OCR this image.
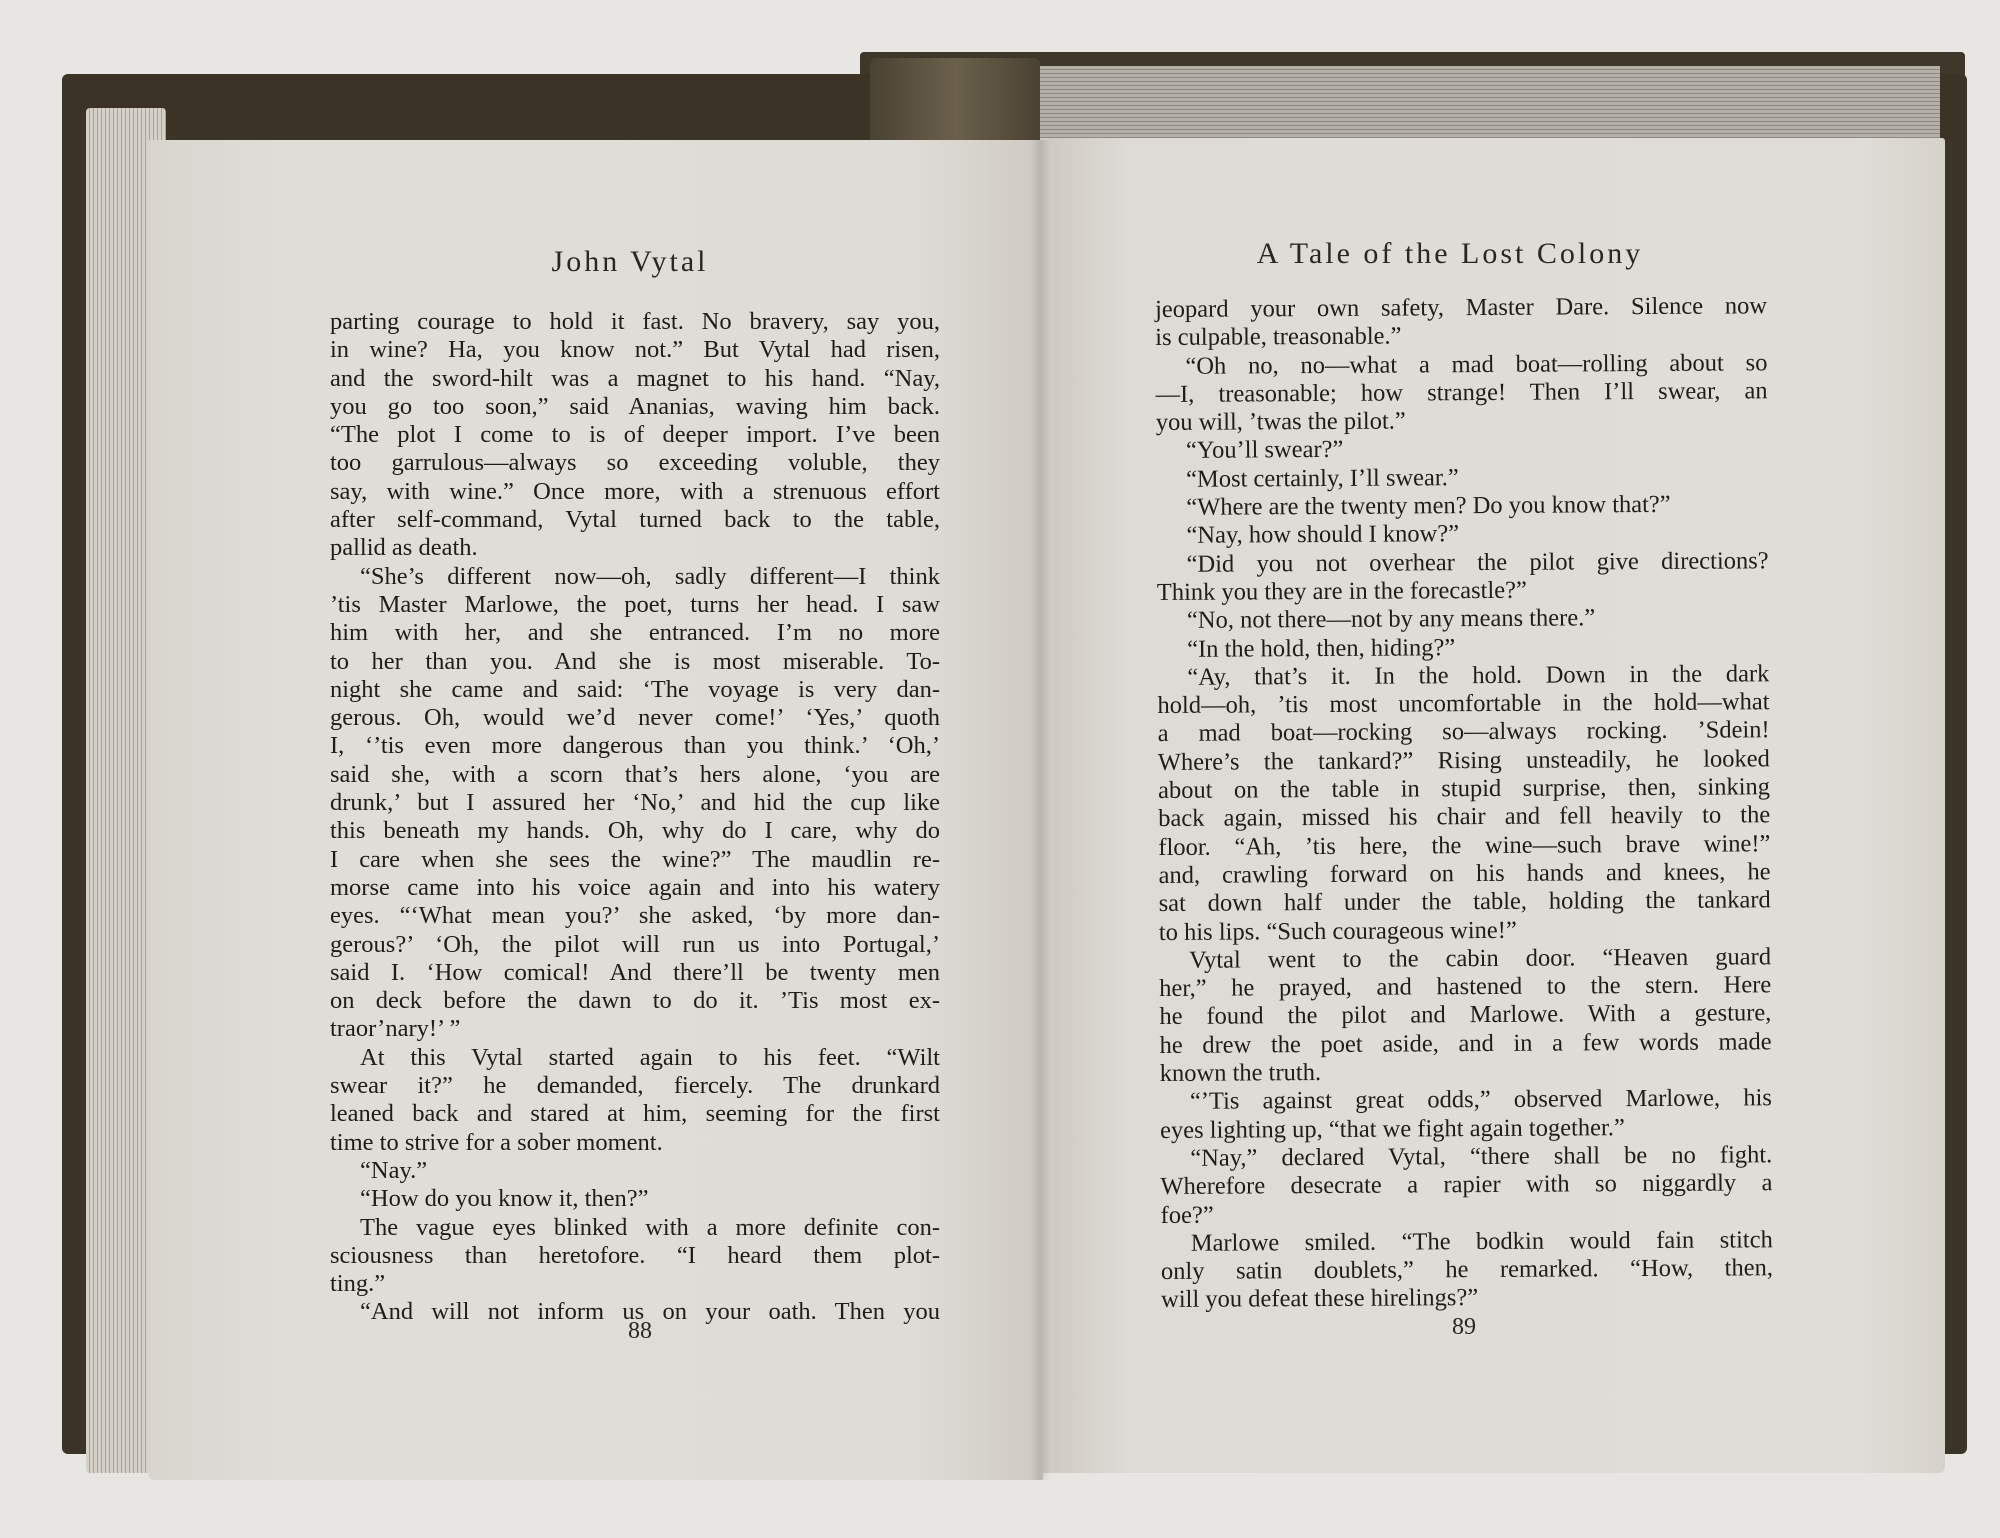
John Vytal	A Tale of the Lost Colony
parting courage to hold it fast. No bravery, say you,
in wine? Ha, you know not.” But Vytal had risen,
and the sword-hilt was a magnet to his hand. “Nay,
you go too soon,” said Ananias, waving him back.
“The plot I come to is of deeper import. I’ve been
too garrulous—always so exceeding voluble, they
say, with wine.” Once more, with a strenuous effort
after self-command, Vytal turned back to the table,
pallid as death.
“She’s different now—oh, sadly different—I think
’tis Master Marlowe, the poet, turns her head. I saw
him with her, and she entranced. I’m no more
to her than you. And she is most miserable. To-
night she came and said: ‘The voyage is very dan-
gerous. Oh, would we’d never come!’ ‘Yes,’ quoth
I, ‘’tis even more dangerous than you think.’ ‘Oh,’
said she, with a scorn that’s hers alone, ‘you are
drunk,’ but I assured her ‘No,’ and hid the cup like
this beneath my hands. Oh, why do I care, why do
I care when she sees the wine?” The maudlin re-
morse came into his voice again and into his watery
eyes. “‘What mean you?’ she asked, ‘by more dan-
gerous?’ ‘Oh, the pilot will run us into Portugal,’
said I. ‘How comical! And there’ll be twenty men
on deck before the dawn to do it. ’Tis most ex-
traor’nary!’ ”
At this Vytal started again to his feet. “Wilt
swear it?” he demanded, fiercely. The drunkard
leaned back and stared at him, seeming for the first
time to strive for a sober moment.
“Nay.”
“How do you know it, then?”
The vague eyes blinked with a more definite con-
sciousness than heretofore. “I heard them plot-
ting.”
“And will not inform us on your oath. Then you
jeopard your own safety, Master Dare. Silence now
is culpable, treasonable.”
“Oh no, no—what a mad boat—rolling about so
—I, treasonable; how strange! Then I’ll swear, an
you will, ’twas the pilot.”
“You’ll swear?”
“Most certainly, I’ll swear.”
“Where are the twenty men? Do you know that?”
“Nay, how should I know?”
“Did you not overhear the pilot give directions?
Think you they are in the forecastle?”
“No, not there—not by any means there.”
“In the hold, then, hiding?”
“Ay, that’s it. In the hold. Down in the dark
hold—oh, ’tis most uncomfortable in the hold—what
a mad boat—rocking so—always rocking. ’Sdein!
Where’s the tankard?” Rising unsteadily, he looked
about on the table in stupid surprise, then, sinking
back again, missed his chair and fell heavily to the
floor. “Ah, ’tis here, the wine—such brave wine!”
and, crawling forward on his hands and knees, he
sat down half under the table, holding the tankard
to his lips. “Such courageous wine!”
Vytal went to the cabin door. “Heaven guard
her,” he prayed, and hastened to the stern. Here
he found the pilot and Marlowe. With a gesture,
he drew the poet aside, and in a few words made
known the truth.
“’Tis against great odds,” observed Marlowe, his
eyes lighting up, “that we fight again together.”
“Nay,” declared Vytal, “there shall be no fight.
Wherefore desecrate a rapier with so niggardly a
foe?”
Marlowe smiled. “The bodkin would fain stitch
only satin doublets,” he remarked. “How, then,
will you defeat these hirelings?”
88	89
